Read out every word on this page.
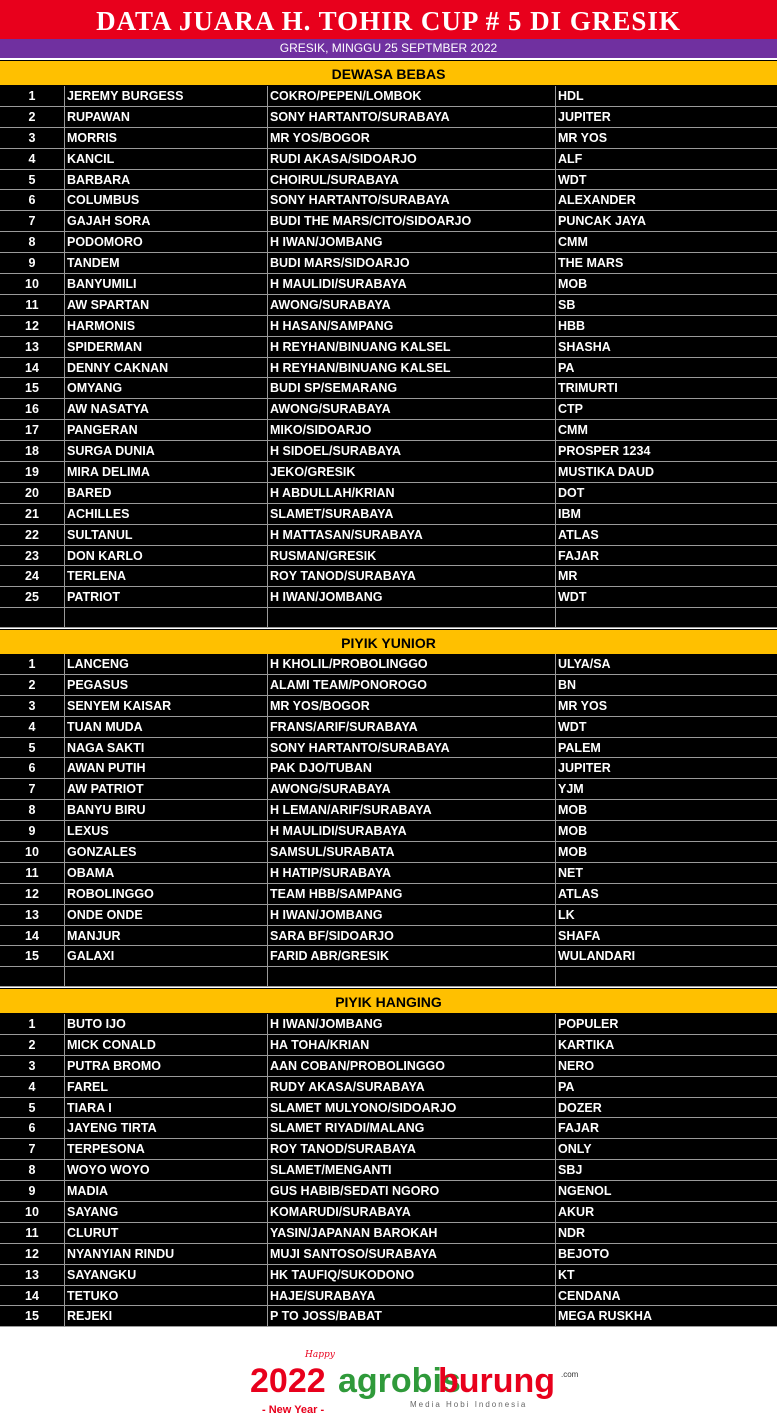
DATA JUARA H. TOHIR CUP # 5 DI GRESIK
GRESIK, MINGGU 25 SEPTMBER 2022
DEWASA BEBAS
1	JEREMY BURGESS	COKRO/PEPEN/LOMBOK	HDL
2	RUPAWAN	SONY HARTANTO/SURABAYA	JUPITER
3	MORRIS	MR YOS/BOGOR	MR YOS
4	KANCIL	RUDI AKASA/SIDOARJO	ALF
5	BARBARA	CHOIRUL/SURABAYA	WDT
6	COLUMBUS	SONY HARTANTO/SURABAYA	ALEXANDER
7	GAJAH SORA	BUDI THE MARS/CITO/SIDOARJO	PUNCAK JAYA
8	PODOMORO	H IWAN/JOMBANG	CMM
9	TANDEM	BUDI MARS/SIDOARJO	THE MARS
10	BANYUMILI	H MAULIDI/SURABAYA	MOB
11	AW SPARTAN	AWONG/SURABAYA	SB
12	HARMONIS	H HASAN/SAMPANG	HBB
13	SPIDERMAN	H REYHAN/BINUANG KALSEL	SHASHA
14	DENNY CAKNAN	H REYHAN/BINUANG KALSEL	PA
15	OMYANG	BUDI SP/SEMARANG	TRIMURTI
16	AW NASATYA	AWONG/SURABAYA	CTP
17	PANGERAN	MIKO/SIDOARJO	CMM
18	SURGA DUNIA	H SIDOEL/SURABAYA	PROSPER 1234
19	MIRA DELIMA	JEKO/GRESIK	MUSTIKA DAUD
20	BARED	H ABDULLAH/KRIAN	DOT
21	ACHILLES	SLAMET/SURABAYA	IBM
22	SULTANUL	H MATTASAN/SURABAYA	ATLAS
23	DON KARLO	RUSMAN/GRESIK	FAJAR
24	TERLENA	ROY TANOD/SURABAYA	MR
25	PATRIOT	H IWAN/JOMBANG	WDT
PIYIK YUNIOR
1	LANCENG	H KHOLIL/PROBOLINGGO	ULYA/SA
2	PEGASUS	ALAMI TEAM/PONOROGO	BN
3	SENYEM KAISAR	MR YOS/BOGOR	MR YOS
4	TUAN MUDA	FRANS/ARIF/SURABAYA	WDT
5	NAGA SAKTI	SONY HARTANTO/SURABAYA	PALEM
6	AWAN PUTIH	PAK DJO/TUBAN	JUPITER
7	AW PATRIOT	AWONG/SURABAYA	YJM
8	BANYU BIRU	H LEMAN/ARIF/SURABAYA	MOB
9	LEXUS	H MAULIDI/SURABAYA	MOB
10	GONZALES	SAMSUL/SURABATA	MOB
11	OBAMA	H HATIP/SURABAYA	NET
12	ROBOLINGGO	TEAM HBB/SAMPANG	ATLAS
13	ONDE ONDE	H IWAN/JOMBANG	LK
14	MANJUR	SARA BF/SIDOARJO	SHAFA
15	GALAXI	FARID ABR/GRESIK	WULANDARI
PIYIK HANGING
1	BUTO IJO	H IWAN/JOMBANG	POPULER
2	MICK CONALD	HA TOHA/KRIAN	KARTIKA
3	PUTRA BROMO	AAN COBAN/PROBOLINGGO	NERO
4	FAREL	RUDY AKASA/SURABAYA	PA
5	TIARA I	SLAMET MULYONO/SIDOARJO	DOZER
6	JAYENG TIRTA	SLAMET RIYADI/MALANG	FAJAR
7	TERPESONA	ROY TANOD/SURABAYA	ONLY
8	WOYO WOYO	SLAMET/MENGANTI	SBJ
9	MADIA	GUS HABIB/SEDATI NGORO	NGENOL
10	SAYANG	KOMARUDI/SURABAYA	AKUR
11	CLURUT	YASIN/JAPANAN BAROKAH	NDR
12	NYANYIAN RINDU	MUJI SANTOSO/SURABAYA	BEJOTO
13	SAYANGKU	HK TAUFIQ/SUKODONO	KT
14	TETUKO	HAJE/SURABAYA	CENDANA
15	REJEKI	P TO JOSS/BABAT	MEGA RUSKHA
Happy
2022 agrobis
burung .com
Media Hobi Indonesia
- New Year -
